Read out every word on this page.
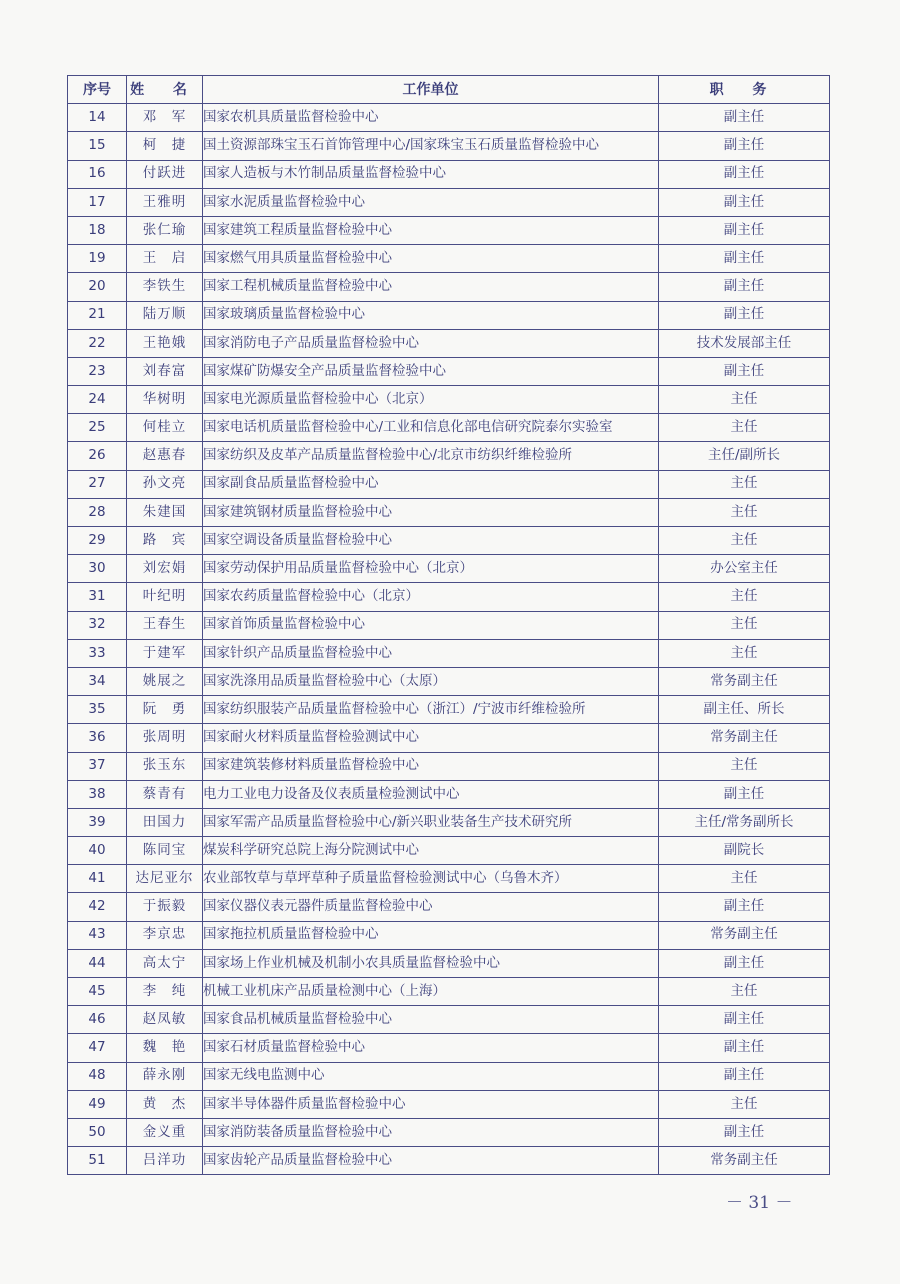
序号	姓 名	工作单位	职 务
14	邓　军	国家农机具质量监督检验中心	副主任
15	柯　捷	国土资源部珠宝玉石首饰管理中心/国家珠宝玉石质量监督检验中心	副主任
16	付跃进	国家人造板与木竹制品质量监督检验中心	副主任
17	王雅明	国家水泥质量监督检验中心	副主任
18	张仁瑜	国家建筑工程质量监督检验中心	副主任
19	王　启	国家燃气用具质量监督检验中心	副主任
20	李铁生	国家工程机械质量监督检验中心	副主任
21	陆万顺	国家玻璃质量监督检验中心	副主任
22	王艳娥	国家消防电子产品质量监督检验中心	技术发展部主任
23	刘春富	国家煤矿防爆安全产品质量监督检验中心	副主任
24	华树明	国家电光源质量监督检验中心（北京）	主任
25	何桂立	国家电话机质量监督检验中心/工业和信息化部电信研究院泰尔实验室	主任
26	赵惠春	国家纺织及皮革产品质量监督检验中心/北京市纺织纤维检验所	主任/副所长
27	孙文亮	国家副食品质量监督检验中心	主任
28	朱建国	国家建筑钢材质量监督检验中心	主任
29	路　宾	国家空调设备质量监督检验中心	主任
30	刘宏娟	国家劳动保护用品质量监督检验中心（北京）	办公室主任
31	叶纪明	国家农药质量监督检验中心（北京）	主任
32	王春生	国家首饰质量监督检验中心	主任
33	于建军	国家针织产品质量监督检验中心	主任
34	姚展之	国家洗涤用品质量监督检验中心（太原）	常务副主任
35	阮　勇	国家纺织服装产品质量监督检验中心（浙江）/宁波市纤维检验所	副主任、所长
36	张周明	国家耐火材料质量监督检验测试中心	常务副主任
37	张玉东	国家建筑装修材料质量监督检验中心	主任
38	蔡青有	电力工业电力设备及仪表质量检验测试中心	副主任
39	田国力	国家军需产品质量监督检验中心/新兴职业装备生产技术研究所	主任/常务副所长
40	陈同宝	煤炭科学研究总院上海分院测试中心	副院长
41	达尼亚尔	农业部牧草与草坪草种子质量监督检验测试中心（乌鲁木齐）	主任
42	于振毅	国家仪器仪表元器件质量监督检验中心	副主任
43	李京忠	国家拖拉机质量监督检验中心	常务副主任
44	高太宁	国家场上作业机械及机制小农具质量监督检验中心	副主任
45	李　纯	机械工业机床产品质量检测中心（上海）	主任
46	赵凤敏	国家食品机械质量监督检验中心	副主任
47	魏　艳	国家石材质量监督检验中心	副主任
48	薛永刚	国家无线电监测中心	副主任
49	黄　杰	国家半导体器件质量监督检验中心	主任
50	金义重	国家消防装备质量监督检验中心	副主任
51	吕洋功	国家齿轮产品质量监督检验中心	常务副主任
－ 31 －
